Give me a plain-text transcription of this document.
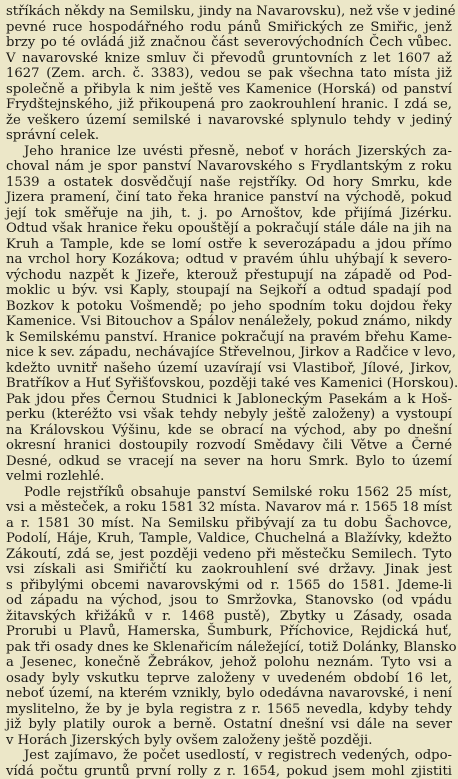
stříkách někdy na Semilsku, jindy na Navarovsku), než vše v jediné
pevné ruce hospodářného rodu pánů Smiřických ze Smiřic, jenž
brzy po té ovládá již značnou část severovýchodních Čech vůbec.
V navarovské knize smluv či převodů gruntovních z let 1607 až
1627 (Zem. arch. č. 3383), vedou se pak všechna tato místa již
společně a přibyla k nim ještě ves Kamenice (Horská) od panství
Frydštejnského, již přikoupená pro zaokrouhlení hranic. I zdá se,
že veškero území semilské i navarovské splynulo tehdy v jediný
správní celek.
Jeho hranice lze uvésti přesně, neboť v horách Jizerských za-
choval nám je spor panství Navarovského s Frydlantským z roku
1539 a ostatek dosvědčují naše rejstříky. Od hory Smrku, kde
Jizera pramení, činí tato řeka hranice panství na východě, pokud
její tok směřuje na jih, t. j. po Arnoštov, kde přijímá Jizérku.
Odtud však hranice řeku opouštějí a pokračují stále dále na jih na
Kruh a Tample, kde se lomí ostře k severozápadu a jdou přímo
na vrchol hory Kozákova; odtud v pravém úhlu uhýbají k severo-
východu nazpět k Jizeře, kterouž přestupují na západě od Pod-
moklic u býv. vsi Kaply, stoupají na Sejkoří a odtud spadají pod
Bozkov k potoku Vošmendě; po jeho spodním toku dojdou řeky
Kamenice. Vsi Bitouchov a Spálov nenáležely, pokud známo, nikdy
k Semilskému panství. Hranice pokračují na pravém břehu Kame-
nice k sev. západu, nechávajíce Střevelnou, Jirkov a Radčice v levo,
kdežto uvnitř našeho území uzavírají vsi Vlastiboř, Jílové, Jirkov,
Bratříkov a Huť Syřišťovskou, později také ves Kamenici (Horskou).
Pak jdou přes Černou Studnici k Jabloneckým Pasekám a k Hoš-
perku (kteréžto vsi však tehdy nebyly ještě založeny) a vystoupí
na Královskou Výšinu, kde se obrací na východ, aby po dnešní
okresní hranici dostoupily rozvodí Smědavy čili Větve a Černé
Desné, odkud se vracejí na sever na horu Smrk. Bylo to území
velmi rozlehlé.
Podle rejstříků obsahuje panství Semilské roku 1562 25 míst,
vsi a městeček, a roku 1581 32 místa. Navarov má r. 1565 18 míst
a r. 1581 30 míst. Na Semilsku přibývají za tu dobu Šachovce,
Podolí, Háje, Kruh, Tample, Valdice, Chuchelná a Blažívky, kdežto
Zákoutí, zdá se, jest později vedeno při městečku Semilech. Tyto
vsi získali asi Smiřičtí ku zaokrouhlení své državy. Jinak jest
s přibylými obcemi navarovskými od r. 1565 do 1581. Jdeme-li
od západu na východ, jsou to Smržovka, Stanovsko (od vpádu
žitavských křižáků v r. 1468 pustě), Zbytky u Zásady, osada
Prorubi u Plavů, Hamerska, Šumburk, Příchovice, Rejdická huť,
pak tři osady dnes ke Sklenařicím náležející, totiž Dolánky, Blansko
a Jesenec, konečně Žebrákov, jehož polohu neznám. Tyto vsi a
osady byly vskutku teprve založeny v uvedeném období 16 let,
neboť území, na kterém vznikly, bylo odedávna navarovské, i není
myslitelno, že by je byla registra z r. 1565 nevedla, kdyby tehdy
již byly platily ourok a berně. Ostatní dnešní vsi dále na sever
v Horách Jizerských byly ovšem založeny ještě později.
Jest zajímavo, že počet usedlostí, v registrech vedených, odpo-
vídá počtu gruntů první rolly z r. 1654, pokud jsem mohl zjistiti
